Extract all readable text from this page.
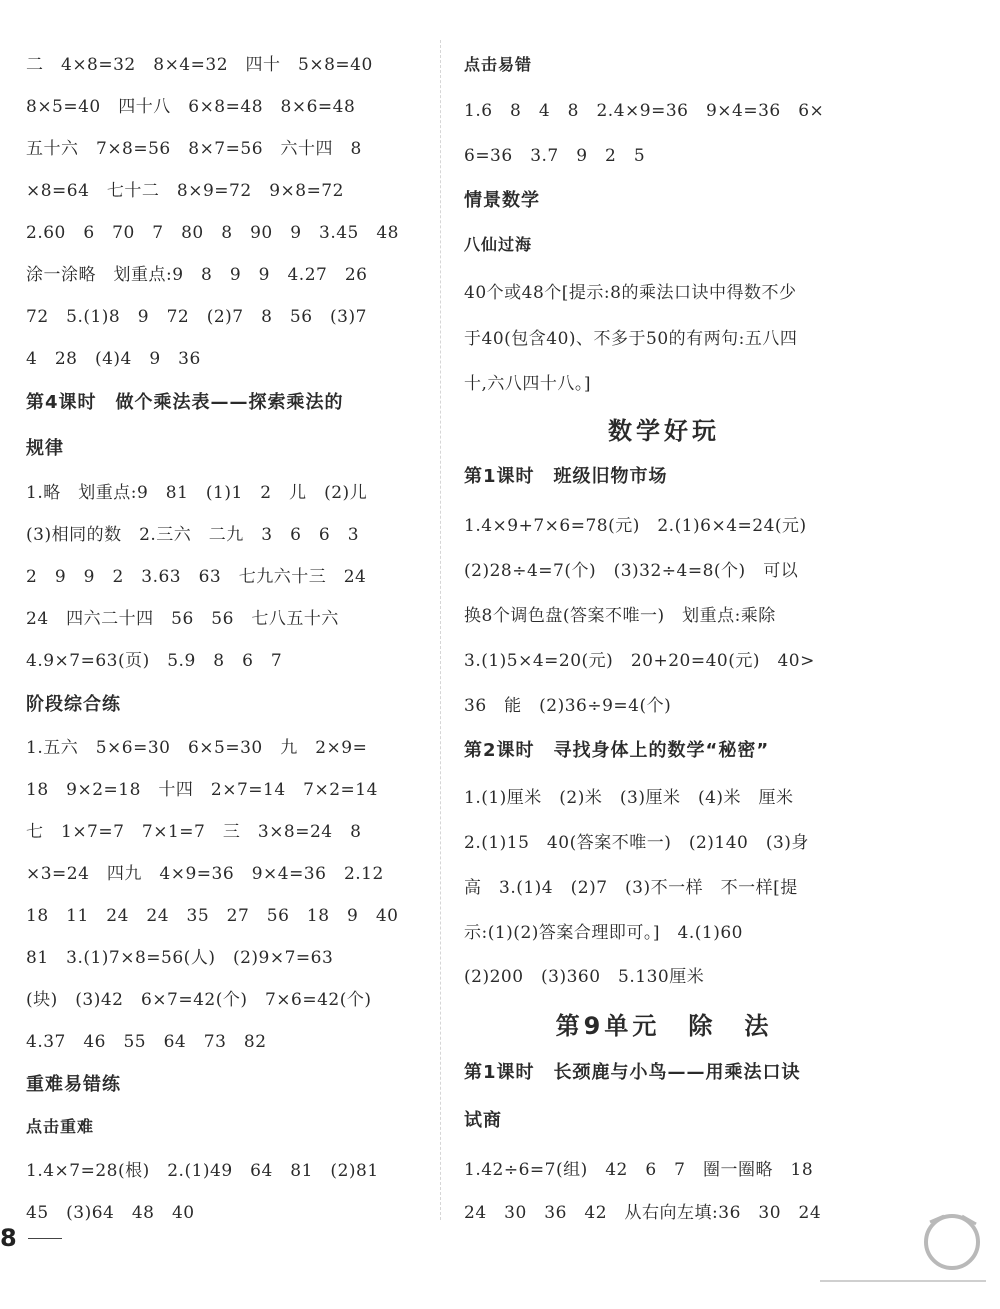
二　4×8=32　8×4=32　四十　5×8=40
8×5=40　四十八　6×8=48　8×6=48
五十六　7×8=56　8×7=56　六十四　8
×8=64　七十二　8×9=72　9×8=72
2.60　6　70　7　80　8　90　9　3.45　48
涂一涂略　划重点:9　8　9　9　4.27　26
72　5.(1)8　9　72　(2)7　8　56　(3)7
4　28　(4)4　9　36
第4课时　做个乘法表——探索乘法的
规律
1.略　划重点:9　81　(1)1　2　儿　(2)儿
(3)相同的数　2.三六　二九　3　6　6　3
2　9　9　2　3.63　63　七九六十三　24
24　四六二十四　56　56　七八五十六
4.9×7=63(页)　5.9　8　6　7
阶段综合练
1.五六　5×6=30　6×5=30　九　2×9=
18　9×2=18　十四　2×7=14　7×2=14
七　1×7=7　7×1=7　三　3×8=24　8
×3=24　四九　4×9=36　9×4=36　2.12
18　11　24　24　35　27　56　18　9　40
81　3.(1)7×8=56(人)　(2)9×7=63
(块)　(3)42　6×7=42(个)　7×6=42(个)
4.37　46　55　64　73　82
重难易错练
点击重难
1.4×7=28(根)　2.(1)49　64　81　(2)81
45　(3)64　48　40
点击易错
1.6　8　4　8　2.4×9=36　9×4=36　6×
6=36　3.7　9　2　5
情景数学
八仙过海
40个或48个[提示:8的乘法口诀中得数不少
于40(包含40)、不多于50的有两句:五八四
十,六八四十八。]
数学好玩
第1课时　班级旧物市场
1.4×9+7×6=78(元)　2.(1)6×4=24(元)
(2)28÷4=7(个)　(3)32÷4=8(个)　可以
换8个调色盘(答案不唯一)　划重点:乘除
3.(1)5×4=20(元)　20+20=40(元)　40>
36　能　(2)36÷9=4(个)
第2课时　寻找身体上的数学“秘密”
1.(1)厘米　(2)米　(3)厘米　(4)米　厘米
2.(1)15　40(答案不唯一)　(2)140　(3)身
高　3.(1)4　(2)7　(3)不一样　不一样[提
示:(1)(2)答案合理即可。]　4.(1)60
(2)200　(3)360　5.130厘米
第9单元　除　法
第1课时　长颈鹿与小鸟——用乘法口诀
试商
1.42÷6=7(组)　42　6　7　圈一圈略　18
24　30　36　42　从右向左填:36　30　24
8
